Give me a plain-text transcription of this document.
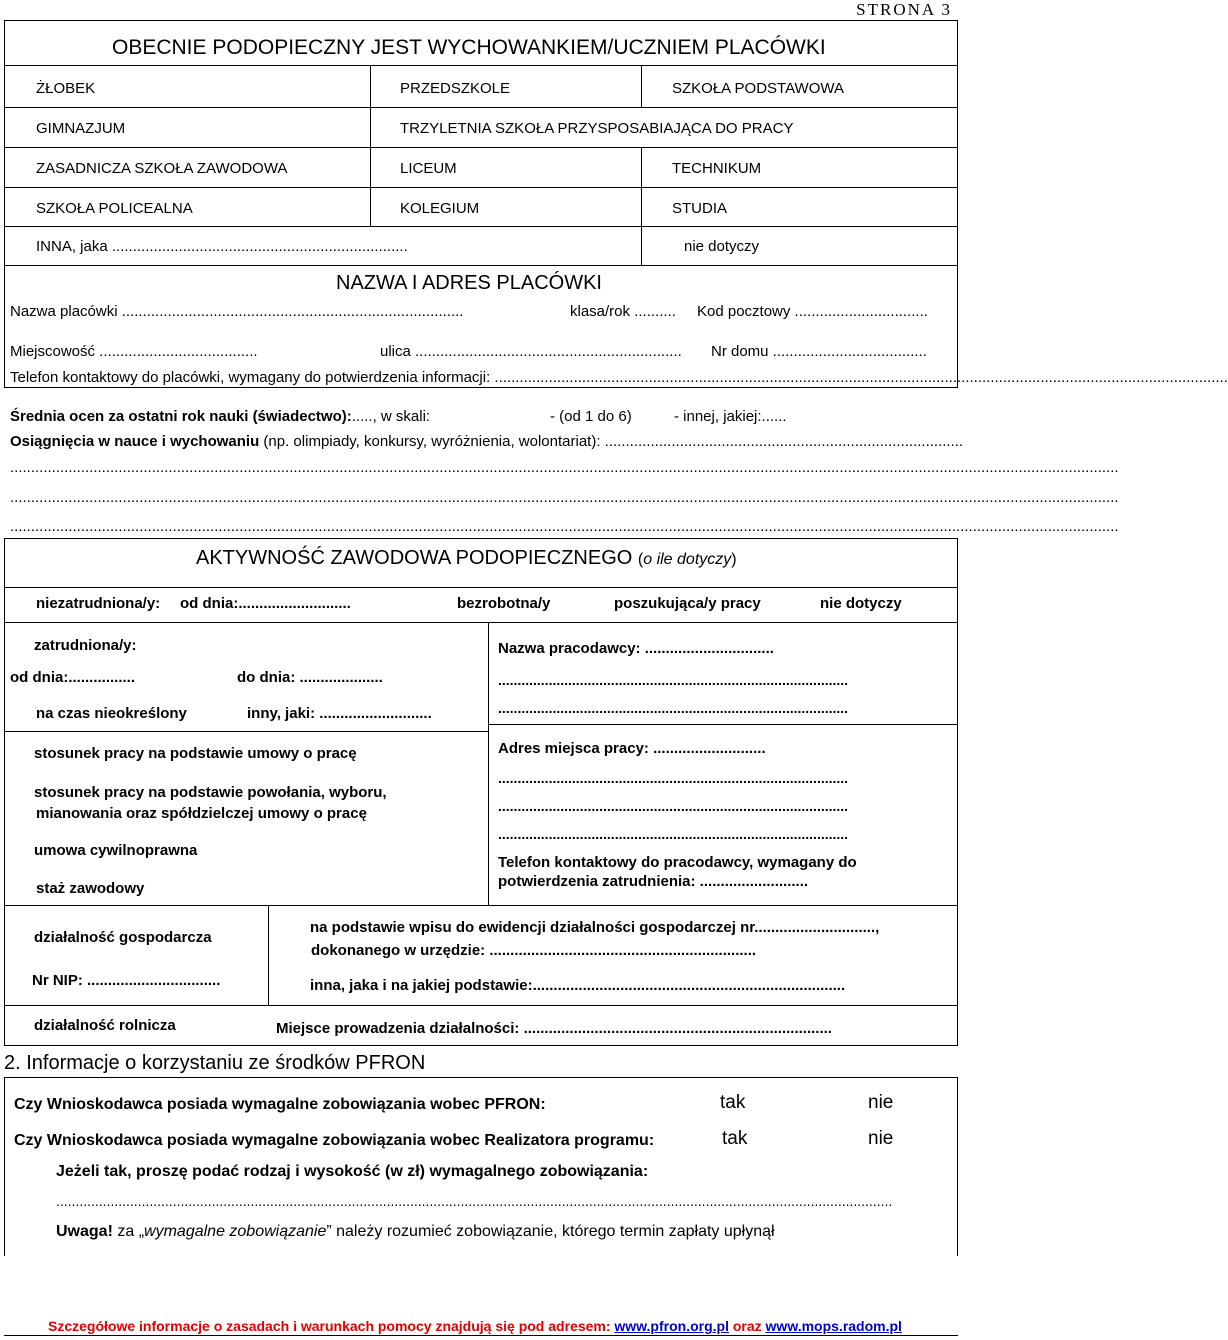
STRONA 3
OBECNIE PODOPIECZNY JEST WYCHOWANKIEM/UCZNIEM PLACÓWKI
ŻŁOBEK	PRZEDSZKOLE	SZKOŁA PODSTAWOWA
GIMNAZJUM	TRZYLETNIA SZKOŁA PRZYSPOSABIAJĄCA DO PRACY
ZASADNICZA SZKOŁA ZAWODOWA	LICEUM	TECHNIKUM
SZKOŁA POLICEALNA	KOLEGIUM	STUDIA
INNA, jaka .......................................................................	nie dotyczy
NAZWA I ADRES PLACÓWKI
Nazwa placówki ..................................................................................	klasa/rok .......... Kod pocztowy ................................
Miejscowość ......................................	ulica ................................................................ Nr domu .....................................
Telefon kontaktowy do placówki, wymagany do potwierdzenia informacji: ................................................................................................................................................................................
Średnia ocen za ostatni rok nauki (świadectwo):....., w skali:	- (od 1 do 6)	- innej, jakiej:......
Osiągnięcia w nauce i wychowaniu (np. olimpiady, konkursy, wyróżnienia, wolontariat): ......................................................................................
..........................................................................................................................................................................................................................................................................
..........................................................................................................................................................................................................................................................................
..........................................................................................................................................................................................................................................................................
AKTYWNOŚĆ ZAWODOWA PODOPIECZNEGO (o ile dotyczy)
niezatrudniona/y: od dnia:...........................	bezrobotna/y	poszukująca/y pracy	nie dotyczy
zatrudniona/y:
od dnia:................	do dnia: ....................
na czas nieokreślony	inny, jaki: ...........................
stosunek pracy na podstawie umowy o pracę
stosunek pracy na podstawie powołania, wyboru,
mianowania oraz spółdzielczej umowy o pracę
umowa cywilnoprawna
staż zawodowy
Nazwa pracodawcy: ...............................
..........................................................................................
..........................................................................................
Adres miejsca pracy: ...........................
..........................................................................................
..........................................................................................
..........................................................................................
Telefon kontaktowy do pracodawcy, wymagany do
potwierdzenia zatrudnienia: ..........................
działalność gospodarcza
Nr NIP: ................................
na podstawie wpisu do ewidencji działalności gospodarczej nr.............................,
dokonanego w urzędzie: ................................................................
inna, jaka i na jakiej podstawie:...........................................................................
działalność rolnicza	Miejsce prowadzenia działalności: ..........................................................................
2. Informacje o korzystaniu ze środków PFRON
Czy Wnioskodawca posiada wymagalne zobowiązania wobec PFRON:	tak	nie
Czy Wnioskodawca posiada wymagalne zobowiązania wobec Realizatora programu:	tak	nie
Jeżeli tak, proszę podać rodzaj i wysokość (w zł) wymagalnego zobowiązania:
.......................................................................................................................................................................................................................
Uwaga! za „wymagalne zobowiązanie” należy rozumieć zobowiązanie, którego termin zapłaty upłynął
Szczegółowe informacje o zasadach i warunkach pomocy znajdują się pod adresem: www.pfron.org.pl oraz www.mops.radom.pl
